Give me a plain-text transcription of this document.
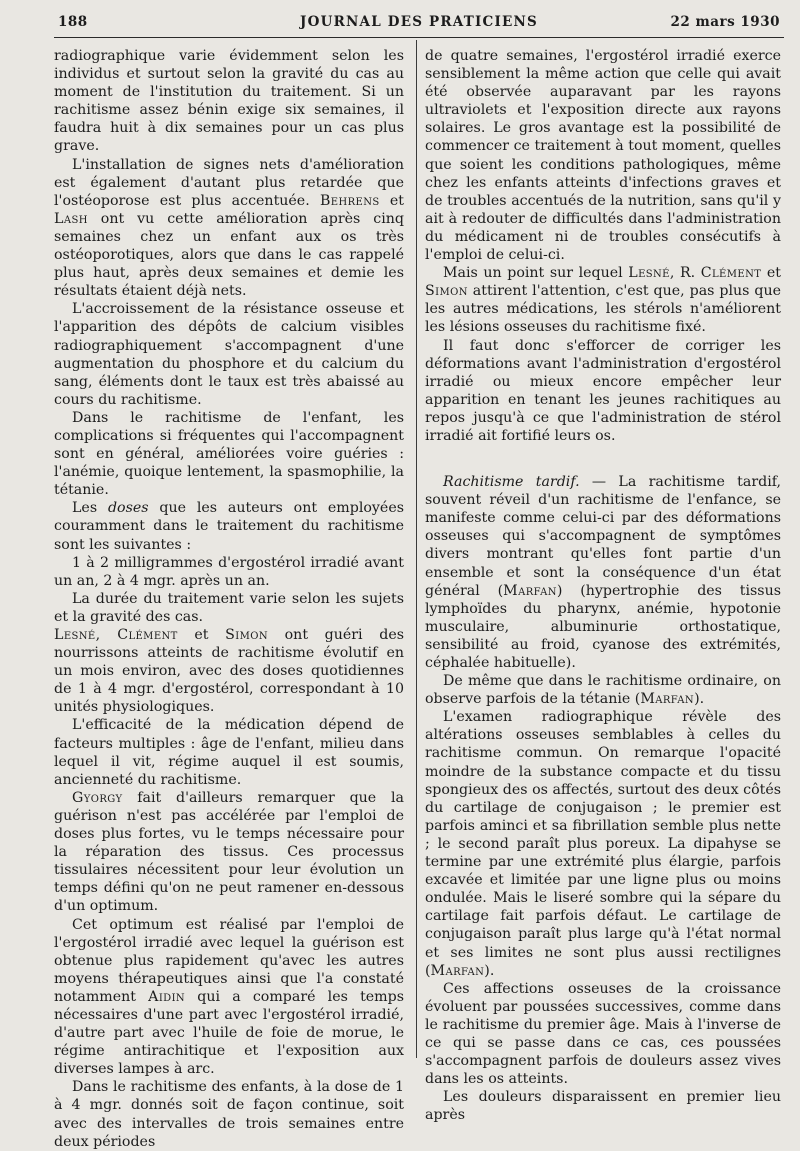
188	JOURNAL DES PRATICIENS	22 mars 1930

radiographique varie évidemment selon les individus et surtout selon la gravité du cas au moment de l'institution du traitement. Si un rachitisme assez bénin exige six semaines, il faudra huit à dix semaines pour un cas plus grave.

L'installation de signes nets d'amélioration est également d'autant plus retardée que l'ostéoporose est plus accentuée. Behrens et Lash ont vu cette amélioration après cinq semaines chez un enfant aux os très ostéoporotiques, alors que dans le cas rappelé plus haut, après deux semaines et demie les résultats étaient déjà nets.

L'accroissement de la résistance osseuse et l'apparition des dépôts de calcium visibles radiographiquement s'accompagnent d'une augmentation du phosphore et du calcium du sang, éléments dont le taux est très abaissé au cours du rachitisme.

Dans le rachitisme de l'enfant, les complications si fréquentes qui l'accompagnent sont en général, améliorées voire guéries : l'anémie, quoique lentement, la spasmophilie, la tétanie.

Les doses que les auteurs ont employées couramment dans le traitement du rachitisme sont les suivantes :

1 à 2 milligrammes d'ergostérol irradié avant un an, 2 à 4 mgr. après un an.

La durée du traitement varie selon les sujets et la gravité des cas.

Lesné, Clément et Simon ont guéri des nourrissons atteints de rachitisme évolutif en un mois environ, avec des doses quotidiennes de 1 à 4 mgr. d'ergostérol, correspondant à 10 unités physiologiques.

L'efficacité de la médication dépend de facteurs multiples : âge de l'enfant, milieu dans lequel il vit, régime auquel il est soumis, ancienneté du rachitisme.

Gyorgy fait d'ailleurs remarquer que la guérison n'est pas accélérée par l'emploi de doses plus fortes, vu le temps nécessaire pour la réparation des tissus. Ces processus tissulaires nécessitent pour leur évolution un temps défini qu'on ne peut ramener en-dessous d'un optimum.

Cet optimum est réalisé par l'emploi de l'ergostérol irradié avec lequel la guérison est obtenue plus rapidement qu'avec les autres moyens thérapeutiques ainsi que l'a constaté notamment Aidin qui a comparé les temps nécessaires d'une part avec l'ergostérol irradié, d'autre part avec l'huile de foie de morue, le régime antirachitique et l'exposition aux diverses lampes à arc.

Dans le rachitisme des enfants, à la dose de 1 à 4 mgr. donnés soit de façon continue, soit avec des intervalles de trois semaines entre deux périodes

de quatre semaines, l'ergostérol irradié exerce sensiblement la même action que celle qui avait été observée auparavant par les rayons ultraviolets et l'exposition directe aux rayons solaires. Le gros avantage est la possibilité de commencer ce traitement à tout moment, quelles que soient les conditions pathologiques, même chez les enfants atteints d'infections graves et de troubles accentués de la nutrition, sans qu'il y ait à redouter de difficultés dans l'administration du médicament ni de troubles consécutifs à l'emploi de celui-ci.

Mais un point sur lequel Lesné, R. Clément et Simon attirent l'attention, c'est que, pas plus que les autres médications, les stérols n'améliorent les lésions osseuses du rachitisme fixé.

Il faut donc s'efforcer de corriger les déformations avant l'administration d'ergostérol irradié ou mieux encore empêcher leur apparition en tenant les jeunes rachitiques au repos jusqu'à ce que l'administration de stérol irradié ait fortifié leurs os.

Rachitisme tardif. — La rachitisme tardif, souvent réveil d'un rachitisme de l'enfance, se manifeste comme celui-ci par des déformations osseuses qui s'accompagnent de symptômes divers montrant qu'elles font partie d'un ensemble et sont la conséquence d'un état général (Marfan) (hypertrophie des tissus lymphoïdes du pharynx, anémie, hypotonie musculaire, albuminurie orthostatique, sensibilité au froid, cyanose des extrémités, céphalée habituelle).

De même que dans le rachitisme ordinaire, on observe parfois de la tétanie (Marfan).

L'examen radiographique révèle des altérations osseuses semblables à celles du rachitisme commun. On remarque l'opacité moindre de la substance compacte et du tissu spongieux des os affectés, surtout des deux côtés du cartilage de conjugaison ; le premier est parfois aminci et sa fibrillation semble plus nette ; le second paraît plus poreux. La dipahyse se termine par une extrémité plus élargie, parfois excavée et limitée par une ligne plus ou moins ondulée. Mais le liseré sombre qui la sépare du cartilage fait parfois défaut. Le cartilage de conjugaison paraît plus large qu'à l'état normal et ses limites ne sont plus aussi rectilignes (Marfan).

Ces affections osseuses de la croissance évoluent par poussées successives, comme dans le rachitisme du premier âge. Mais à l'inverse de ce qui se passe dans ce cas, ces poussées s'accompagnent parfois de douleurs assez vives dans les os atteints.

Les douleurs disparaissent en premier lieu après
